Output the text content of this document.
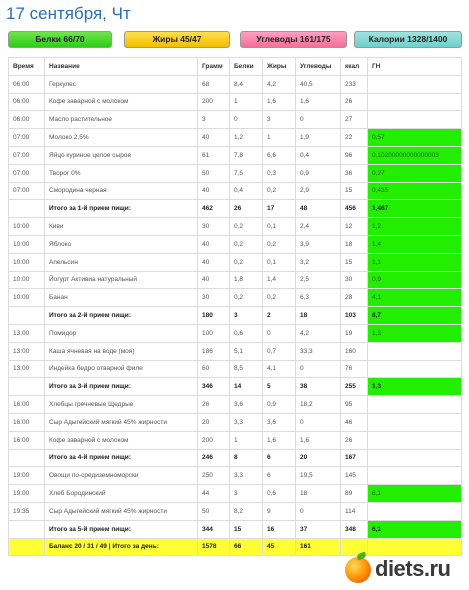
17 сентября, Чт
Белки 66/70	Жиры 45/47	Углеводы 161/175	Калории 1328/1400
Время	Название	Грамм	Белки	Жиры	Углеводы	ккал	ГН
06:00	Геркулес	68	8,4	4,2	40,5	233	
06:00	Кофе заварной с молоком	200	1	1,6	1,6	26	
06:00	Масло растительное	3	0	3	0	27	
07:00	Молоко 2,5%	40	1,2	1	1,9	22	0,57
07:00	Яйцо куриное целое сырое	61	7,8	6,6	0,4	96	0,10200000000000003
07:00	Творог 0%	50	7,5	0,3	0,9	36	0,27
07:00	Смородина черная	40	0,4	0,2	2,9	15	0,435
	Итого за 1-й прием пищи:	462	26	17	48	456	1,467
10:00	Киви	30	0,2	0,1	2,4	12	1,2
10:00	Яблоко	40	0,2	0,2	3,9	18	1,4
10:00	Апельсин	40	0,2	0,1	3,2	15	1,1
10:00	Йогурт Активиа натуральный	40	1,8	1,4	2,5	30	0,9
10:00	Банан	30	0,2	0,2	6,3	28	4,1
	Итого за 2-й прием пищи:	180	3	2	18	103	8,7
13:00	Помидор	100	0,6	0	4,2	19	1,3
13:00	Каша ячневая на воде (моя)	186	5,1	0,7	33,3	160	
13:00	Индейка бедро отварной филе	60	8,5	4,1	0	76	
	Итого за 3-й прием пищи:	346	14	5	38	255	1,3
16:00	Хлебцы гречневые Щедрые	26	3,6	0,9	18,2	95	
16:00	Сыр Адыгейский мягкий 45% жирности	20	3,3	3,6	0	46	
16:00	Кофе заварной с молоком	200	1	1,6	1,6	26	
	Итого за 4-й прием пищи:	246	8	6	20	167	
19:00	Овощи по-средиземноморски	250	3,3	6	19,5	145	
19:00	Хлеб Бородинский	44	3	0,6	18	89	6,1
19:35	Сыр Адыгейский мягкий 45% жирности	50	8,2	9	0	114	
	Итого за 5-й прием пищи:	344	15	16	37	348	6,1
	Баланс 20 / 31 / 49 | Итого за день:	1578	66	45	161		
diets.ru
